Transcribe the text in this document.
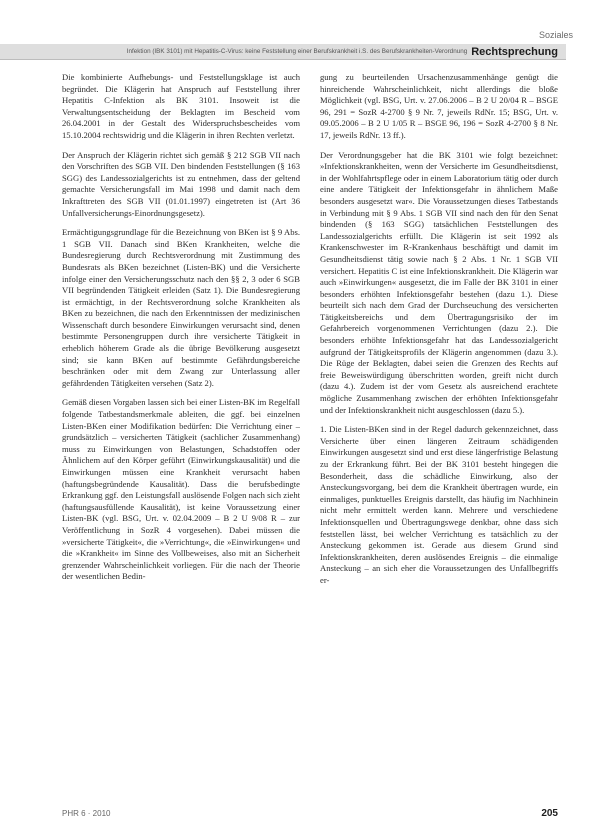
Soziales
Infektion (IBK 3101) mit Hepatitis-C-Virus: keine Feststellung einer Berufskrankheit i.S. des Berufskrankheiten-Verordnung Rechtsprechung

Die kombinierte Aufhebungs- und Feststellungsklage ist auch begründet. Die Klägerin hat Anspruch auf Feststellung ihrer Hepatitis C-Infektion als BK 3101. Insoweit ist die Verwaltungsentscheidung der Beklagten im Bescheid vom 26.04.2001 in der Gestalt des Widerspruchsbescheides vom 15.10.2004 rechtswidrig und die Klägerin in ihren Rechten verletzt.

Der Anspruch der Klägerin richtet sich gemäß § 212 SGB VII nach den Vorschriften des SGB VII. Den bindenden Feststellungen (§ 163 SGG) des Landessozialgerichts ist zu entnehmen, dass der geltend gemachte Versicherungsfall im Mai 1998 und damit nach dem Inkrafttreten des SGB VII (01.01.1997) eingetreten ist (Art 36 Unfallversicherungs-Einordnungsgesetz).

Ermächtigungsgrundlage für die Bezeichnung von BKen ist § 9 Abs. 1 SGB VII. Danach sind BKen Krankheiten, welche die Bundesregierung durch Rechtsverordnung mit Zustimmung des Bundesrats als BKen bezeichnet (Listen-BK) und die Versicherte infolge einer den Versicherungsschutz nach den §§ 2, 3 oder 6 SGB VII begründenden Tätigkeit erleiden (Satz 1). Die Bundesregierung ist ermächtigt, in der Rechtsverordnung solche Krankheiten als BKen zu bezeichnen, die nach den Erkenntnissen der medizinischen Wissenschaft durch besondere Einwirkungen verursacht sind, denen bestimmte Personengruppen durch ihre versicherte Tätigkeit in erheblich höherem Grade als die übrige Bevölkerung ausgesetzt sind; sie kann BKen auf bestimmte Gefährdungsbereiche beschränken oder mit dem Zwang zur Unterlassung aller gefährdenden Tätigkeiten versehen (Satz 2).

Gemäß diesen Vorgaben lassen sich bei einer Listen-BK im Regelfall folgende Tatbestandsmerkmale ableiten, die ggf. bei einzelnen Listen-BKen einer Modifikation bedürfen: Die Verrichtung einer – grundsätzlich – versicherten Tätigkeit (sachlicher Zusammenhang) muss zu Einwirkungen von Belastungen, Schadstoffen oder Ähnlichem auf den Körper geführt (Einwirkungskausalität) und die Einwirkungen müssen eine Krankheit verursacht haben (haftungsbegründende Kausalität). Dass die berufsbedingte Erkrankung ggf. den Leistungsfall auslösende Folgen nach sich zieht (haftungsausfüllende Kausalität), ist keine Voraussetzung einer Listen-BK (vgl. BSG, Urt. v. 02.04.2009 – B 2 U 9/08 R – zur Veröffentlichung in SozR 4 vorgesehen). Dabei müssen die »versicherte Tätigkeit«, die »Verrichtung«, die »Einwirkungen« und die »Krankheit« im Sinne des Vollbeweises, also mit an Sicherheit grenzender Wahrscheinlichkeit vorliegen. Für die nach der Theorie der wesentlichen Bedin-

gung zu beurteilenden Ursachenzusammenhänge genügt die hinreichende Wahrscheinlichkeit, nicht allerdings die bloße Möglichkeit (vgl. BSG, Urt. v. 27.06.2006 – B 2 U 20/04 R – BSGE 96, 291 = SozR 4-2700 § 9 Nr. 7, jeweils RdNr. 15; BSG, Urt. v. 09.05.2006 – B 2 U 1/05 R – BSGE 96, 196 = SozR 4-2700 § 8 Nr. 17, jeweils RdNr. 13 ff.).

Der Verordnungsgeber hat die BK 3101 wie folgt bezeichnet: »Infektionskrankheiten, wenn der Versicherte im Gesundheitsdienst, in der Wohlfahrtspflege oder in einem Laboratorium tätig oder durch eine andere Tätigkeit der Infektionsgefahr in ähnlichem Maße besonders ausgesetzt war«. Die Voraussetzungen dieses Tatbestands in Verbindung mit § 9 Abs. 1 SGB VII sind nach den für den Senat bindenden (§ 163 SGG) tatsächlichen Feststellungen des Landessozialgerichts erfüllt. Die Klägerin ist seit 1992 als Krankenschwester im R-Krankenhaus beschäftigt und damit im Gesundheitsdienst tätig sowie nach § 2 Abs. 1 Nr. 1 SGB VII versichert. Hepatitis C ist eine Infektionskrankheit. Die Klägerin war auch »Einwirkungen« ausgesetzt, die im Falle der BK 3101 in einer besonders erhöhten Infektionsgefahr bestehen (dazu 1.). Diese beurteilt sich nach dem Grad der Durchseuchung des versicherten Tätigkeitsbereichs und dem Übertragungsrisiko der im Gefahrbereich vorgenommenen Verrichtungen (dazu 2.). Die besonders erhöhte Infektionsgefahr hat das Landessozialgericht aufgrund der Tätigkeitsprofils der Klägerin angenommen (dazu 3.). Die Rüge der Beklagten, dabei seien die Grenzen des Rechts auf freie Beweiswürdigung überschritten worden, greift nicht durch (dazu 4.). Zudem ist der vom Gesetz als ausreichend erachtete mögliche Zusammenhang zwischen der erhöhten Infektionsgefahr und der Infektionskrankheit nicht ausgeschlossen (dazu 5.).

1. Die Listen-BKen sind in der Regel dadurch gekennzeichnet, dass Versicherte über einen längeren Zeitraum schädigenden Einwirkungen ausgesetzt sind und erst diese längerfristige Belastung zu der Erkrankung führt. Bei der BK 3101 besteht hingegen die Besonderheit, dass die schädliche Einwirkung, also der Ansteckungsvorgang, bei dem die Krankheit übertragen wurde, ein einmaliges, punktuelles Ereignis darstellt, das häufig im Nachhinein nicht mehr ermittelt werden kann. Mehrere und verschiedene Infektionsquellen und Übertragungswege denkbar, ohne dass sich feststellen lässt, bei welcher Verrichtung es tatsächlich zu der Ansteckung gekommen ist. Gerade aus diesem Grund sind Infektionskrankheiten, deren auslösendes Ereignis – die einmalige Ansteckung – an sich eher die Voraussetzungen des Unfallbegriffs er-

PHR 6 · 2010	205
